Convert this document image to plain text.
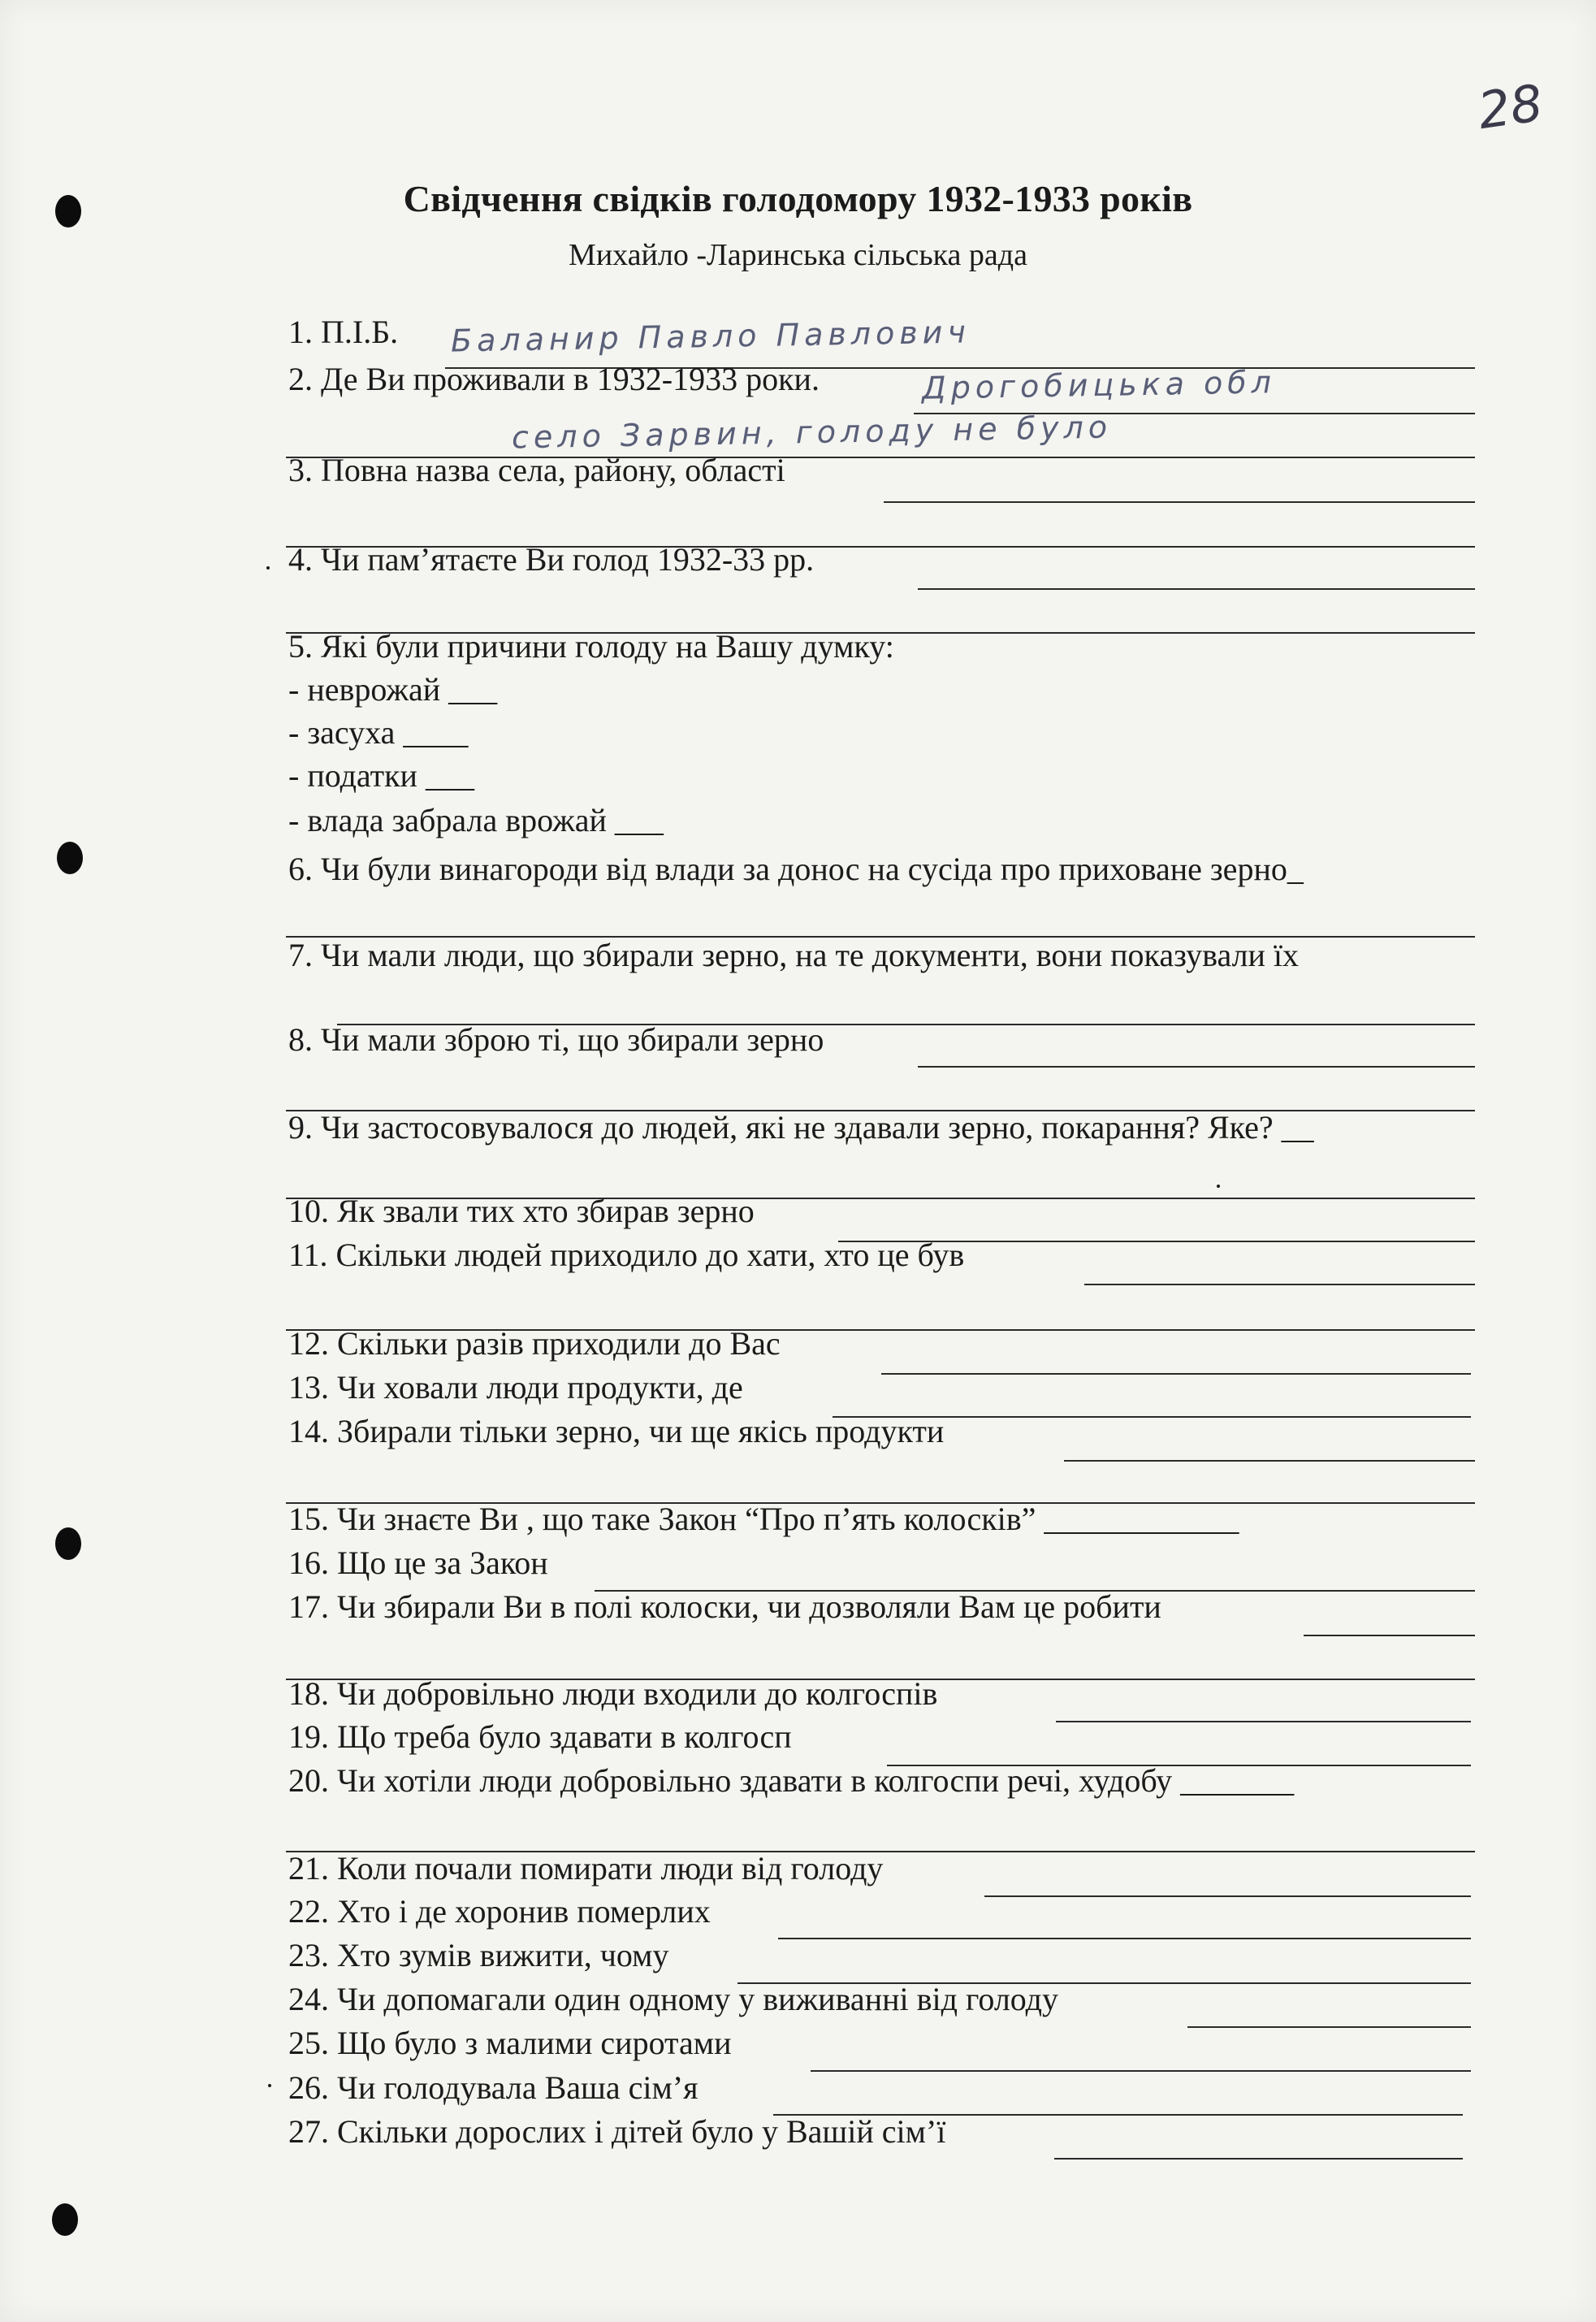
28
Свідчення свідків голодомору 1932-1933 років
Михайло -Ларинська сільська рада
1. П.І.Б. Баланир Павло Павлович
2. Де Ви проживали в 1932-1933 роки.	Дрогобицька обл
село Зарвин, голоду не було
3. Повна назва села, району, області
4. Чи пам’ятаєте Ви голод 1932-33 рр.
5. Які були причини голоду на Вашу думку:
- неврожай ___
- засуха ____
- податки ___
- влада забрала врожай ___
6. Чи були винагороди від влади за донос на сусіда про приховане зерно_
7. Чи мали люди, що збирали зерно, на те документи, вони показували їх
8. Чи мали зброю ті, що збирали зерно
9. Чи застосовувалося до людей, які не здавали зерно, покарання? Яке? __
10. Як звали тих хто збирав зерно
11. Скільки людей приходило до хати, хто це був
12. Скільки разів приходили до Вас
13. Чи ховали люди продукти, де
14. Збирали тільки зерно, чи ще якісь продукти
15. Чи знаєте Ви , що таке Закон “Про п’ять колосків” ____________
16. Що це за Закон
17. Чи збирали Ви в полі колоски, чи дозволяли Вам це робити
18. Чи добровільно люди входили до колгоспів
19. Що треба було здавати в колгосп
20. Чи хотіли люди добровільно здавати в колгоспи речі, худобу _______
21. Коли почали помирати люди від голоду
22. Хто і де хоронив померлих
23. Хто зумів вижити, чому
24. Чи допомагали один одному у виживанні від голоду
25. Що було з малими сиротами
26. Чи голодувала Ваша сім’я
27. Скільки дорослих і дітей було у Вашій сім’ї
